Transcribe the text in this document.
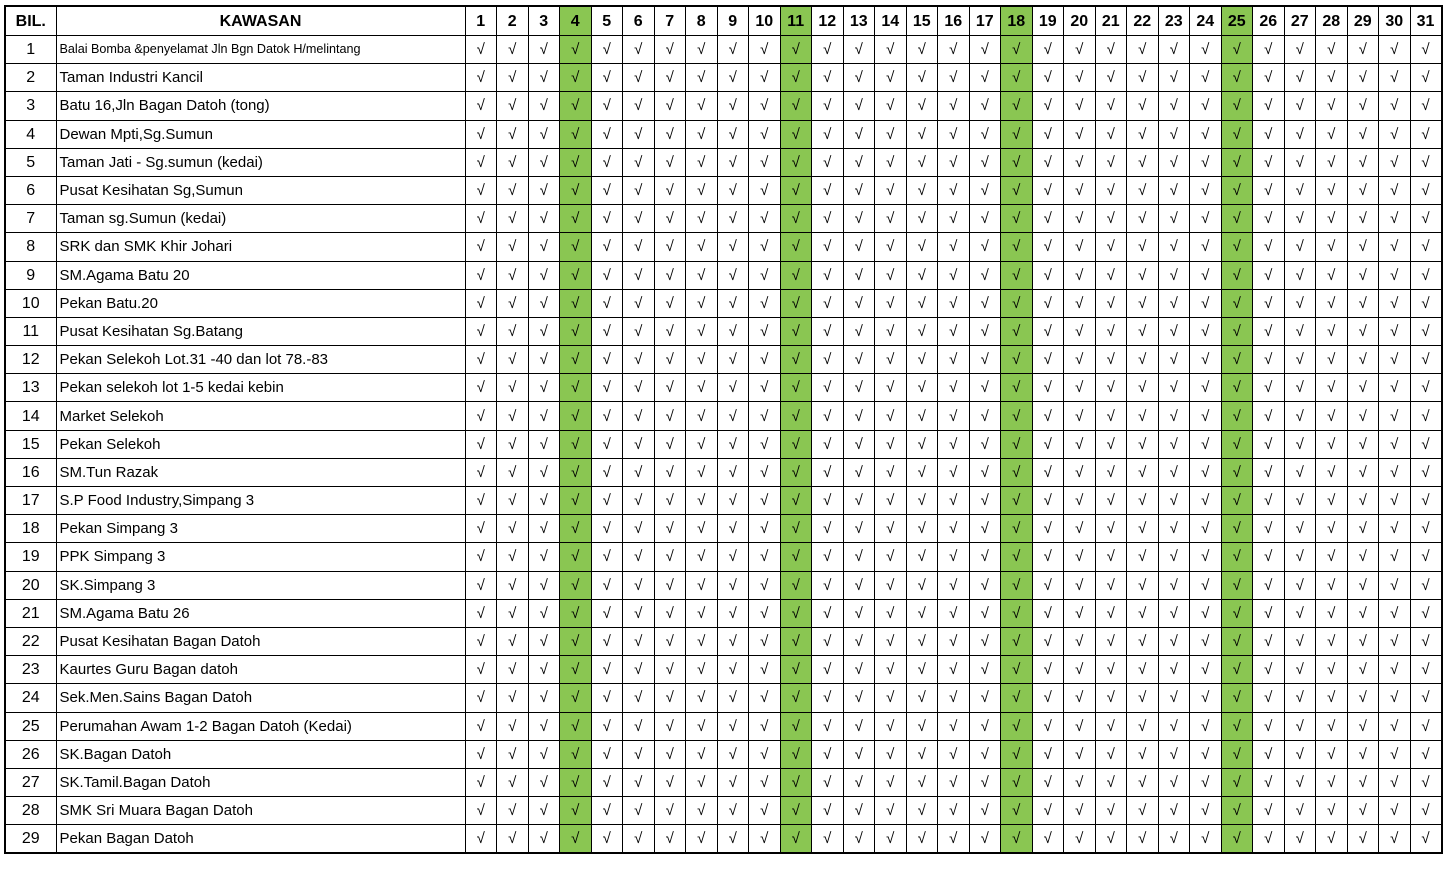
BIL.	KAWASAN	1	2	3	4	5	6	7	8	9	10	11	12	13	14	15	16	17	18	19	20	21	22	23	24	25	26	27	28	29	30	31
1	Balai Bomba &penyelamat Jln Bgn Datok H/melintang	√	√	√	√	√	√	√	√	√	√	√	√	√	√	√	√	√	√	√	√	√	√	√	√	√	√	√	√	√	√	√
2	Taman Industri Kancil	√	√	√	√	√	√	√	√	√	√	√	√	√	√	√	√	√	√	√	√	√	√	√	√	√	√	√	√	√	√	√
3	Batu 16,Jln Bagan Datoh (tong)	√	√	√	√	√	√	√	√	√	√	√	√	√	√	√	√	√	√	√	√	√	√	√	√	√	√	√	√	√	√	√
4	Dewan Mpti,Sg.Sumun	√	√	√	√	√	√	√	√	√	√	√	√	√	√	√	√	√	√	√	√	√	√	√	√	√	√	√	√	√	√	√
5	Taman Jati - Sg.sumun (kedai)	√	√	√	√	√	√	√	√	√	√	√	√	√	√	√	√	√	√	√	√	√	√	√	√	√	√	√	√	√	√	√
6	Pusat Kesihatan Sg,Sumun	√	√	√	√	√	√	√	√	√	√	√	√	√	√	√	√	√	√	√	√	√	√	√	√	√	√	√	√	√	√	√
7	Taman sg.Sumun (kedai)	√	√	√	√	√	√	√	√	√	√	√	√	√	√	√	√	√	√	√	√	√	√	√	√	√	√	√	√	√	√	√
8	SRK dan SMK Khir Johari	√	√	√	√	√	√	√	√	√	√	√	√	√	√	√	√	√	√	√	√	√	√	√	√	√	√	√	√	√	√	√
9	SM.Agama Batu 20	√	√	√	√	√	√	√	√	√	√	√	√	√	√	√	√	√	√	√	√	√	√	√	√	√	√	√	√	√	√	√
10	Pekan Batu.20	√	√	√	√	√	√	√	√	√	√	√	√	√	√	√	√	√	√	√	√	√	√	√	√	√	√	√	√	√	√	√
11	Pusat Kesihatan Sg.Batang	√	√	√	√	√	√	√	√	√	√	√	√	√	√	√	√	√	√	√	√	√	√	√	√	√	√	√	√	√	√	√
12	Pekan Selekoh Lot.31 -40 dan lot 78.-83	√	√	√	√	√	√	√	√	√	√	√	√	√	√	√	√	√	√	√	√	√	√	√	√	√	√	√	√	√	√	√
13	Pekan selekoh lot 1-5 kedai kebin	√	√	√	√	√	√	√	√	√	√	√	√	√	√	√	√	√	√	√	√	√	√	√	√	√	√	√	√	√	√	√
14	Market Selekoh	√	√	√	√	√	√	√	√	√	√	√	√	√	√	√	√	√	√	√	√	√	√	√	√	√	√	√	√	√	√	√
15	Pekan Selekoh	√	√	√	√	√	√	√	√	√	√	√	√	√	√	√	√	√	√	√	√	√	√	√	√	√	√	√	√	√	√	√
16	SM.Tun Razak	√	√	√	√	√	√	√	√	√	√	√	√	√	√	√	√	√	√	√	√	√	√	√	√	√	√	√	√	√	√	√
17	S.P Food Industry,Simpang 3	√	√	√	√	√	√	√	√	√	√	√	√	√	√	√	√	√	√	√	√	√	√	√	√	√	√	√	√	√	√	√
18	Pekan Simpang 3	√	√	√	√	√	√	√	√	√	√	√	√	√	√	√	√	√	√	√	√	√	√	√	√	√	√	√	√	√	√	√
19	PPK Simpang 3	√	√	√	√	√	√	√	√	√	√	√	√	√	√	√	√	√	√	√	√	√	√	√	√	√	√	√	√	√	√	√
20	SK.Simpang 3	√	√	√	√	√	√	√	√	√	√	√	√	√	√	√	√	√	√	√	√	√	√	√	√	√	√	√	√	√	√	√
21	SM.Agama Batu 26	√	√	√	√	√	√	√	√	√	√	√	√	√	√	√	√	√	√	√	√	√	√	√	√	√	√	√	√	√	√	√
22	Pusat Kesihatan Bagan Datoh	√	√	√	√	√	√	√	√	√	√	√	√	√	√	√	√	√	√	√	√	√	√	√	√	√	√	√	√	√	√	√
23	Kaurtes Guru Bagan datoh	√	√	√	√	√	√	√	√	√	√	√	√	√	√	√	√	√	√	√	√	√	√	√	√	√	√	√	√	√	√	√
24	Sek.Men.Sains Bagan Datoh	√	√	√	√	√	√	√	√	√	√	√	√	√	√	√	√	√	√	√	√	√	√	√	√	√	√	√	√	√	√	√
25	Perumahan Awam 1-2 Bagan Datoh (Kedai)	√	√	√	√	√	√	√	√	√	√	√	√	√	√	√	√	√	√	√	√	√	√	√	√	√	√	√	√	√	√	√
26	SK.Bagan Datoh	√	√	√	√	√	√	√	√	√	√	√	√	√	√	√	√	√	√	√	√	√	√	√	√	√	√	√	√	√	√	√
27	SK.Tamil.Bagan Datoh	√	√	√	√	√	√	√	√	√	√	√	√	√	√	√	√	√	√	√	√	√	√	√	√	√	√	√	√	√	√	√
28	SMK Sri Muara Bagan Datoh	√	√	√	√	√	√	√	√	√	√	√	√	√	√	√	√	√	√	√	√	√	√	√	√	√	√	√	√	√	√	√
29	Pekan Bagan Datoh	√	√	√	√	√	√	√	√	√	√	√	√	√	√	√	√	√	√	√	√	√	√	√	√	√	√	√	√	√	√	√
